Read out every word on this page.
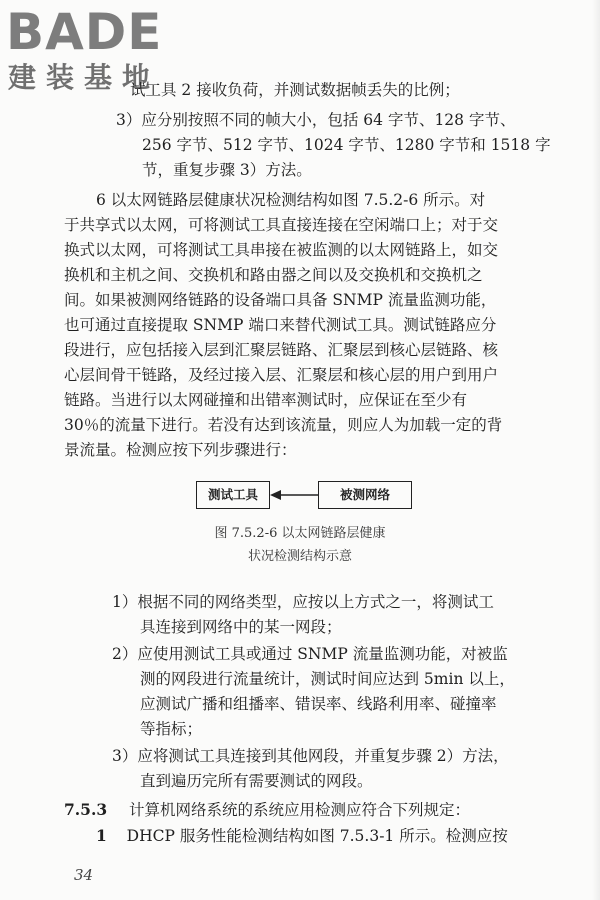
BADE
建装基地
试工具 2 接收负荷，并测试数据帧丢失的比例；
3）应分别按照不同的帧大小，包括 64 字节、128 字节、
256 字节、512 字节、1024 字节、1280 字节和 1518 字
节，重复步骤 3）方法。
6 以太网链路层健康状况检测结构如图 7.5.2-6 所示。对
于共享式以太网，可将测试工具直接连接在空闲端口上；对于交
换式以太网，可将测试工具串接在被监测的以太网链路上，如交
换机和主机之间、交换机和路由器之间以及交换机和交换机之
间。如果被测网络链路的设备端口具备 SNMP 流量监测功能，
也可通过直接提取 SNMP 端口来替代测试工具。测试链路应分
段进行，应包括接入层到汇聚层链路、汇聚层到核心层链路、核
心层间骨干链路，及经过接入层、汇聚层和核心层的用户到用户
链路。当进行以太网碰撞和出错率测试时，应保证在至少有
30％的流量下进行。若没有达到该流量，则应人为加载一定的背
景流量。检测应按下列步骤进行：
测试工具	被测网络
图 7.5.2-6 以太网链路层健康
状况检测结构示意
1）根据不同的网络类型，应按以上方式之一，将测试工
具连接到网络中的某一网段；
2）应使用测试工具或通过 SNMP 流量监测功能，对被监
测的网段进行流量统计，测试时间应达到 5min 以上，
应测试广播和组播率、错误率、线路利用率、碰撞率
等指标；
3）应将测试工具连接到其他网段，并重复步骤 2）方法，
直到遍历完所有需要测试的网段。
7.5.3 计算机网络系统的系统应用检测应符合下列规定：
1 DHCP 服务性能检测结构如图 7.5.3-1 所示。检测应按
34
